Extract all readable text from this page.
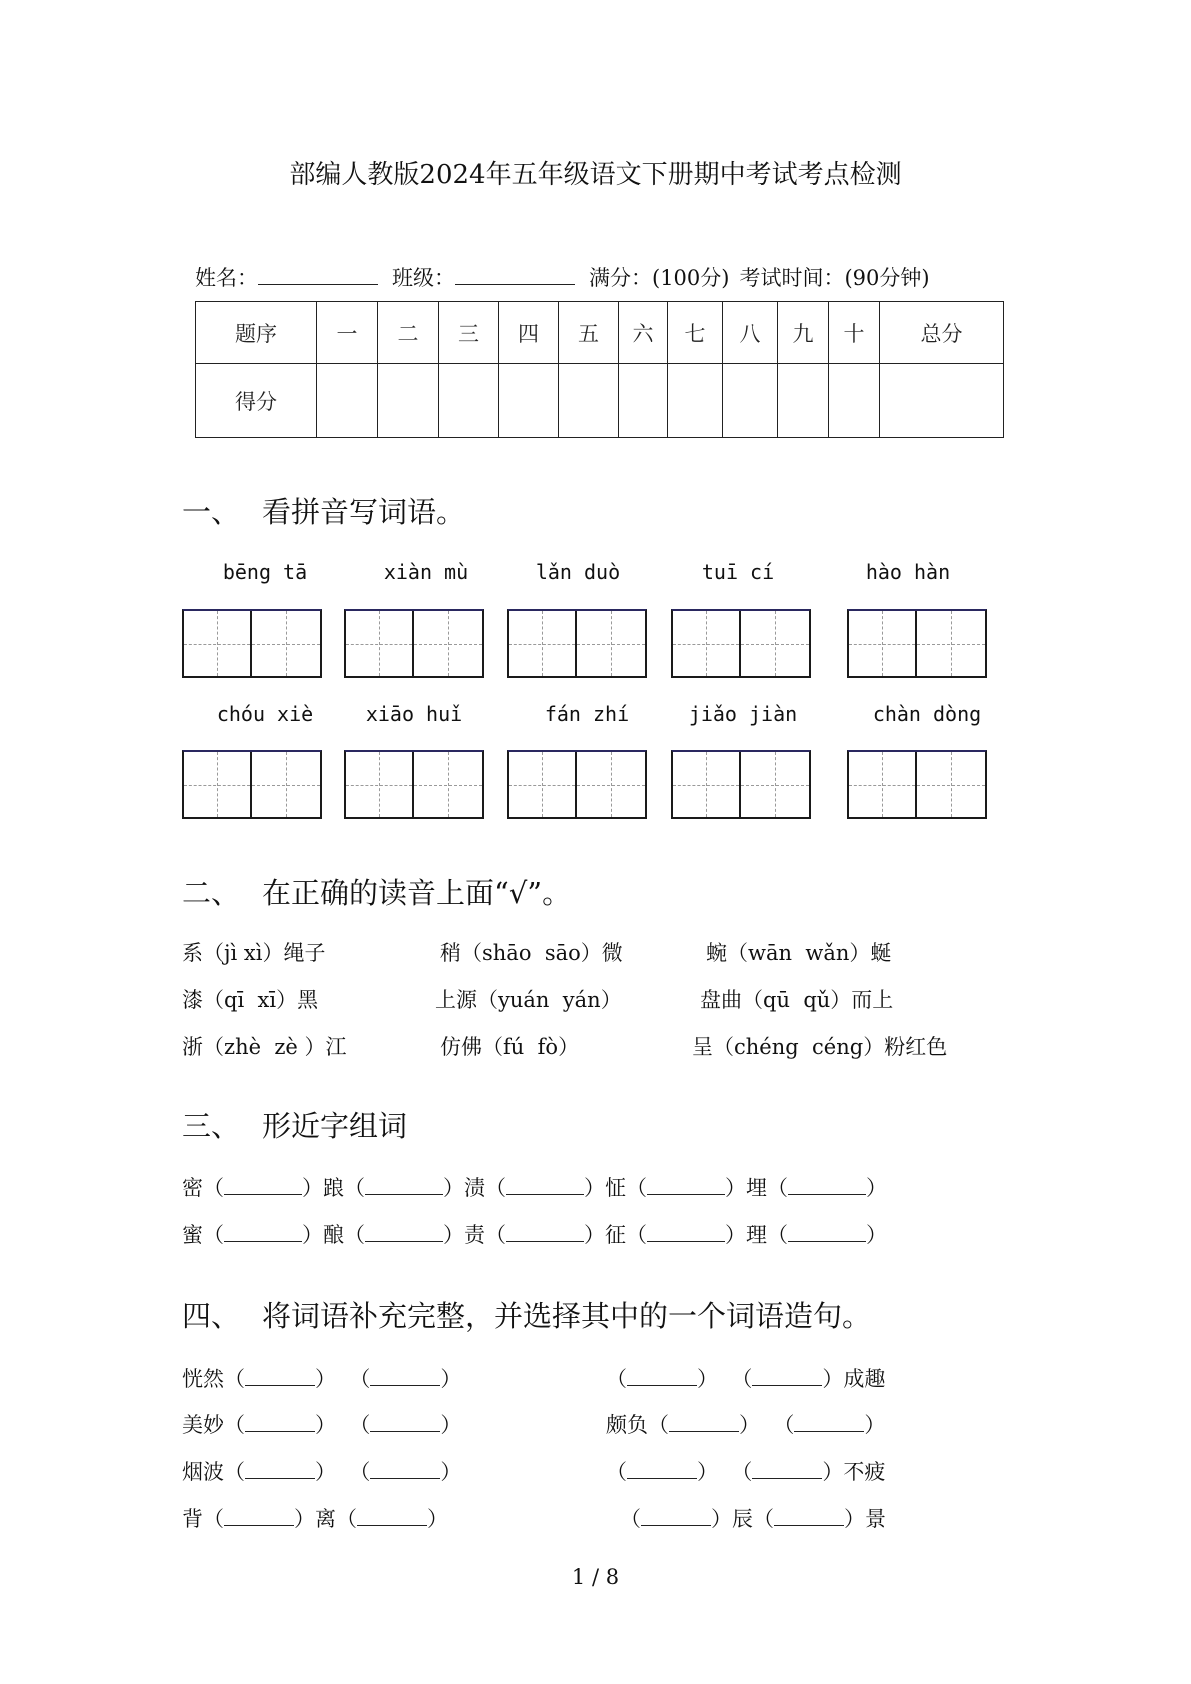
部编人教版2024年五年级语文下册期中考试考点检测
姓名：	班级：	满分：(100分) 考试时间：(90分钟)
题序	一	二	三	四	五	六	七	八	九	十	总分
得分											
一、 看拼音写词语。
bēng tā	xiàn mù	lǎn duò	tuī cí	hào hàn
chóu xiè	xiāo huǐ	fán zhí	jiǎo jiàn	chàn dòng
二、 在正确的读音上面“√”。
系（jì xì）绳子	稍（shāo  sāo）微	蜿（wān  wǎn）蜒
漆（qī  xī）黑	上源（yuán  yán）	盘曲（qū  qǔ）而上
浙（zhè  zè ）江	仿佛（fú  fò）	呈（chéng  céng）粉红色
三、 形近字组词
密（	）踉（	）渍（	）怔（	）埋（	）
蜜（	）酿（	）责（	）征（	）理（	）
四、 将词语补充完整，并选择其中的一个词语造句。
恍然（	）  （	）	（	）  （	）成趣
美妙（	）  （	）	颇负（	）  （	）
烟波（	）  （	）	（	）  （	）不疲
背（	）离（	）	（	）辰（	）景
1 / 8
